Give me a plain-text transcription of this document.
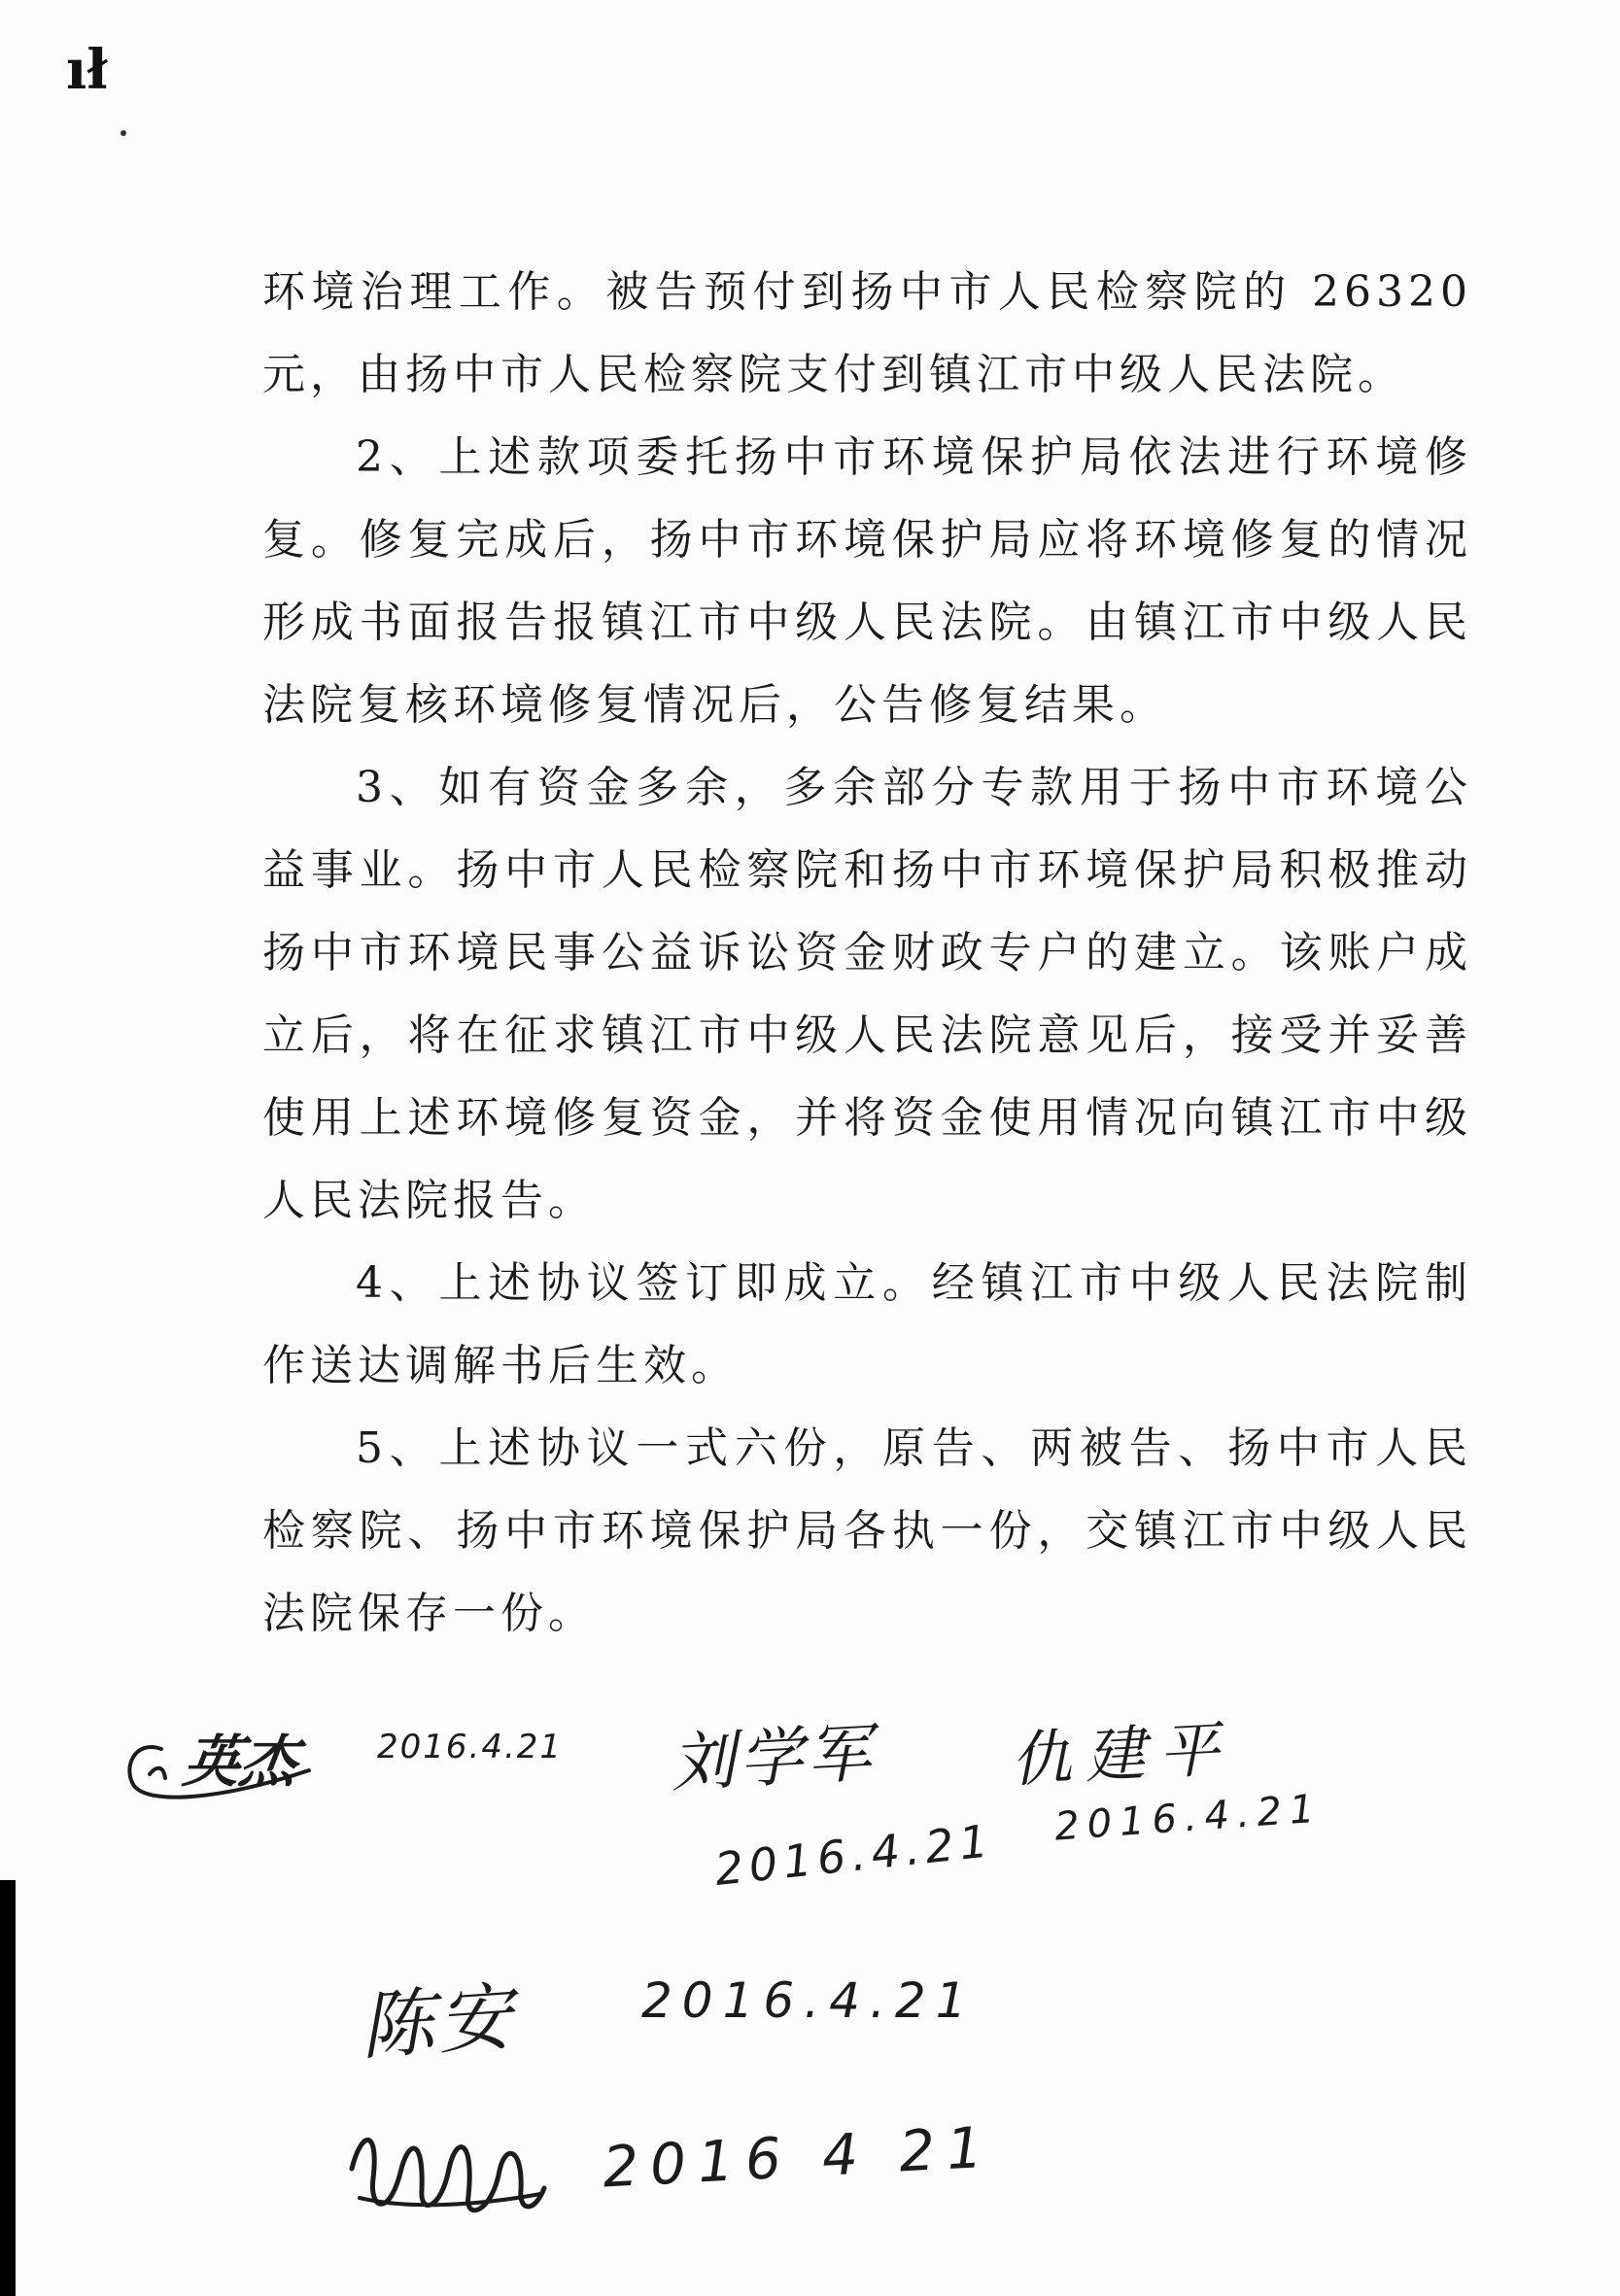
ıł

环境治理工作。被告预付到扬中市人民检察院的 26320 元，由扬中市人民检察院支付到镇江市中级人民法院。

2、上述款项委托扬中市环境保护局依法进行环境修复。修复完成后，扬中市环境保护局应将环境修复的情况形成书面报告报镇江市中级人民法院。由镇江市中级人民法院复核环境修复情况后，公告修复结果。

3、如有资金多余，多余部分专款用于扬中市环境公益事业。扬中市人民检察院和扬中市环境保护局积极推动扬中市环境民事公益诉讼资金财政专户的建立。该账户成立后，将在征求镇江市中级人民法院意见后，接受并妥善使用上述环境修复资金，并将资金使用情况向镇江市中级人民法院报告。

4、上述协议签订即成立。经镇江市中级人民法院制作送达调解书后生效。

5、上述协议一式六份，原告、两被告、扬中市人民检察院、扬中市环境保护局各执一份，交镇江市中级人民法院保存一份。

英杰 2016.4.21 刘学军
2016.4.21
仇建平
2016.4.21
陈安	2016.4.21
2016 4 21
